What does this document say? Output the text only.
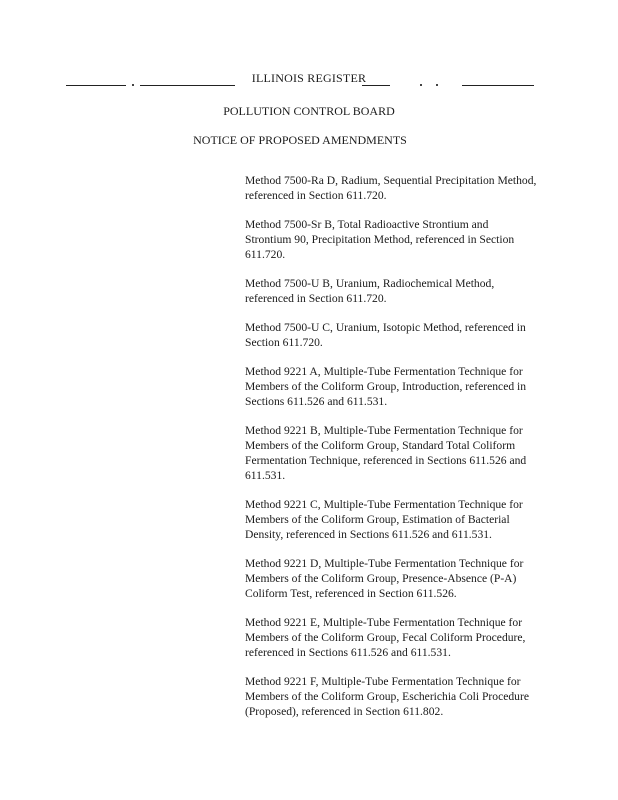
ILLINOIS REGISTER
POLLUTION CONTROL BOARD
NOTICE OF PROPOSED AMENDMENTS

Method 7500-Ra D, Radium, Sequential Precipitation Method, referenced in Section 611.720.

Method 7500-Sr B, Total Radioactive Strontium and Strontium 90, Precipitation Method, referenced in Section 611.720.

Method 7500-U B, Uranium, Radiochemical Method, referenced in Section 611.720.

Method 7500-U C, Uranium, Isotopic Method, referenced in Section 611.720.

Method 9221 A, Multiple-Tube Fermentation Technique for Members of the Coliform Group, Introduction, referenced in Sections 611.526 and 611.531.

Method 9221 B, Multiple-Tube Fermentation Technique for Members of the Coliform Group, Standard Total Coliform Fermentation Technique, referenced in Sections 611.526 and 611.531.

Method 9221 C, Multiple-Tube Fermentation Technique for Members of the Coliform Group, Estimation of Bacterial Density, referenced in Sections 611.526 and 611.531.

Method 9221 D, Multiple-Tube Fermentation Technique for Members of the Coliform Group, Presence-Absence (P-A) Coliform Test, referenced in Section 611.526.

Method 9221 E, Multiple-Tube Fermentation Technique for Members of the Coliform Group, Fecal Coliform Procedure, referenced in Sections 611.526 and 611.531.

Method 9221 F, Multiple-Tube Fermentation Technique for Members of the Coliform Group, Escherichia Coli Procedure (Proposed), referenced in Section 611.802.
